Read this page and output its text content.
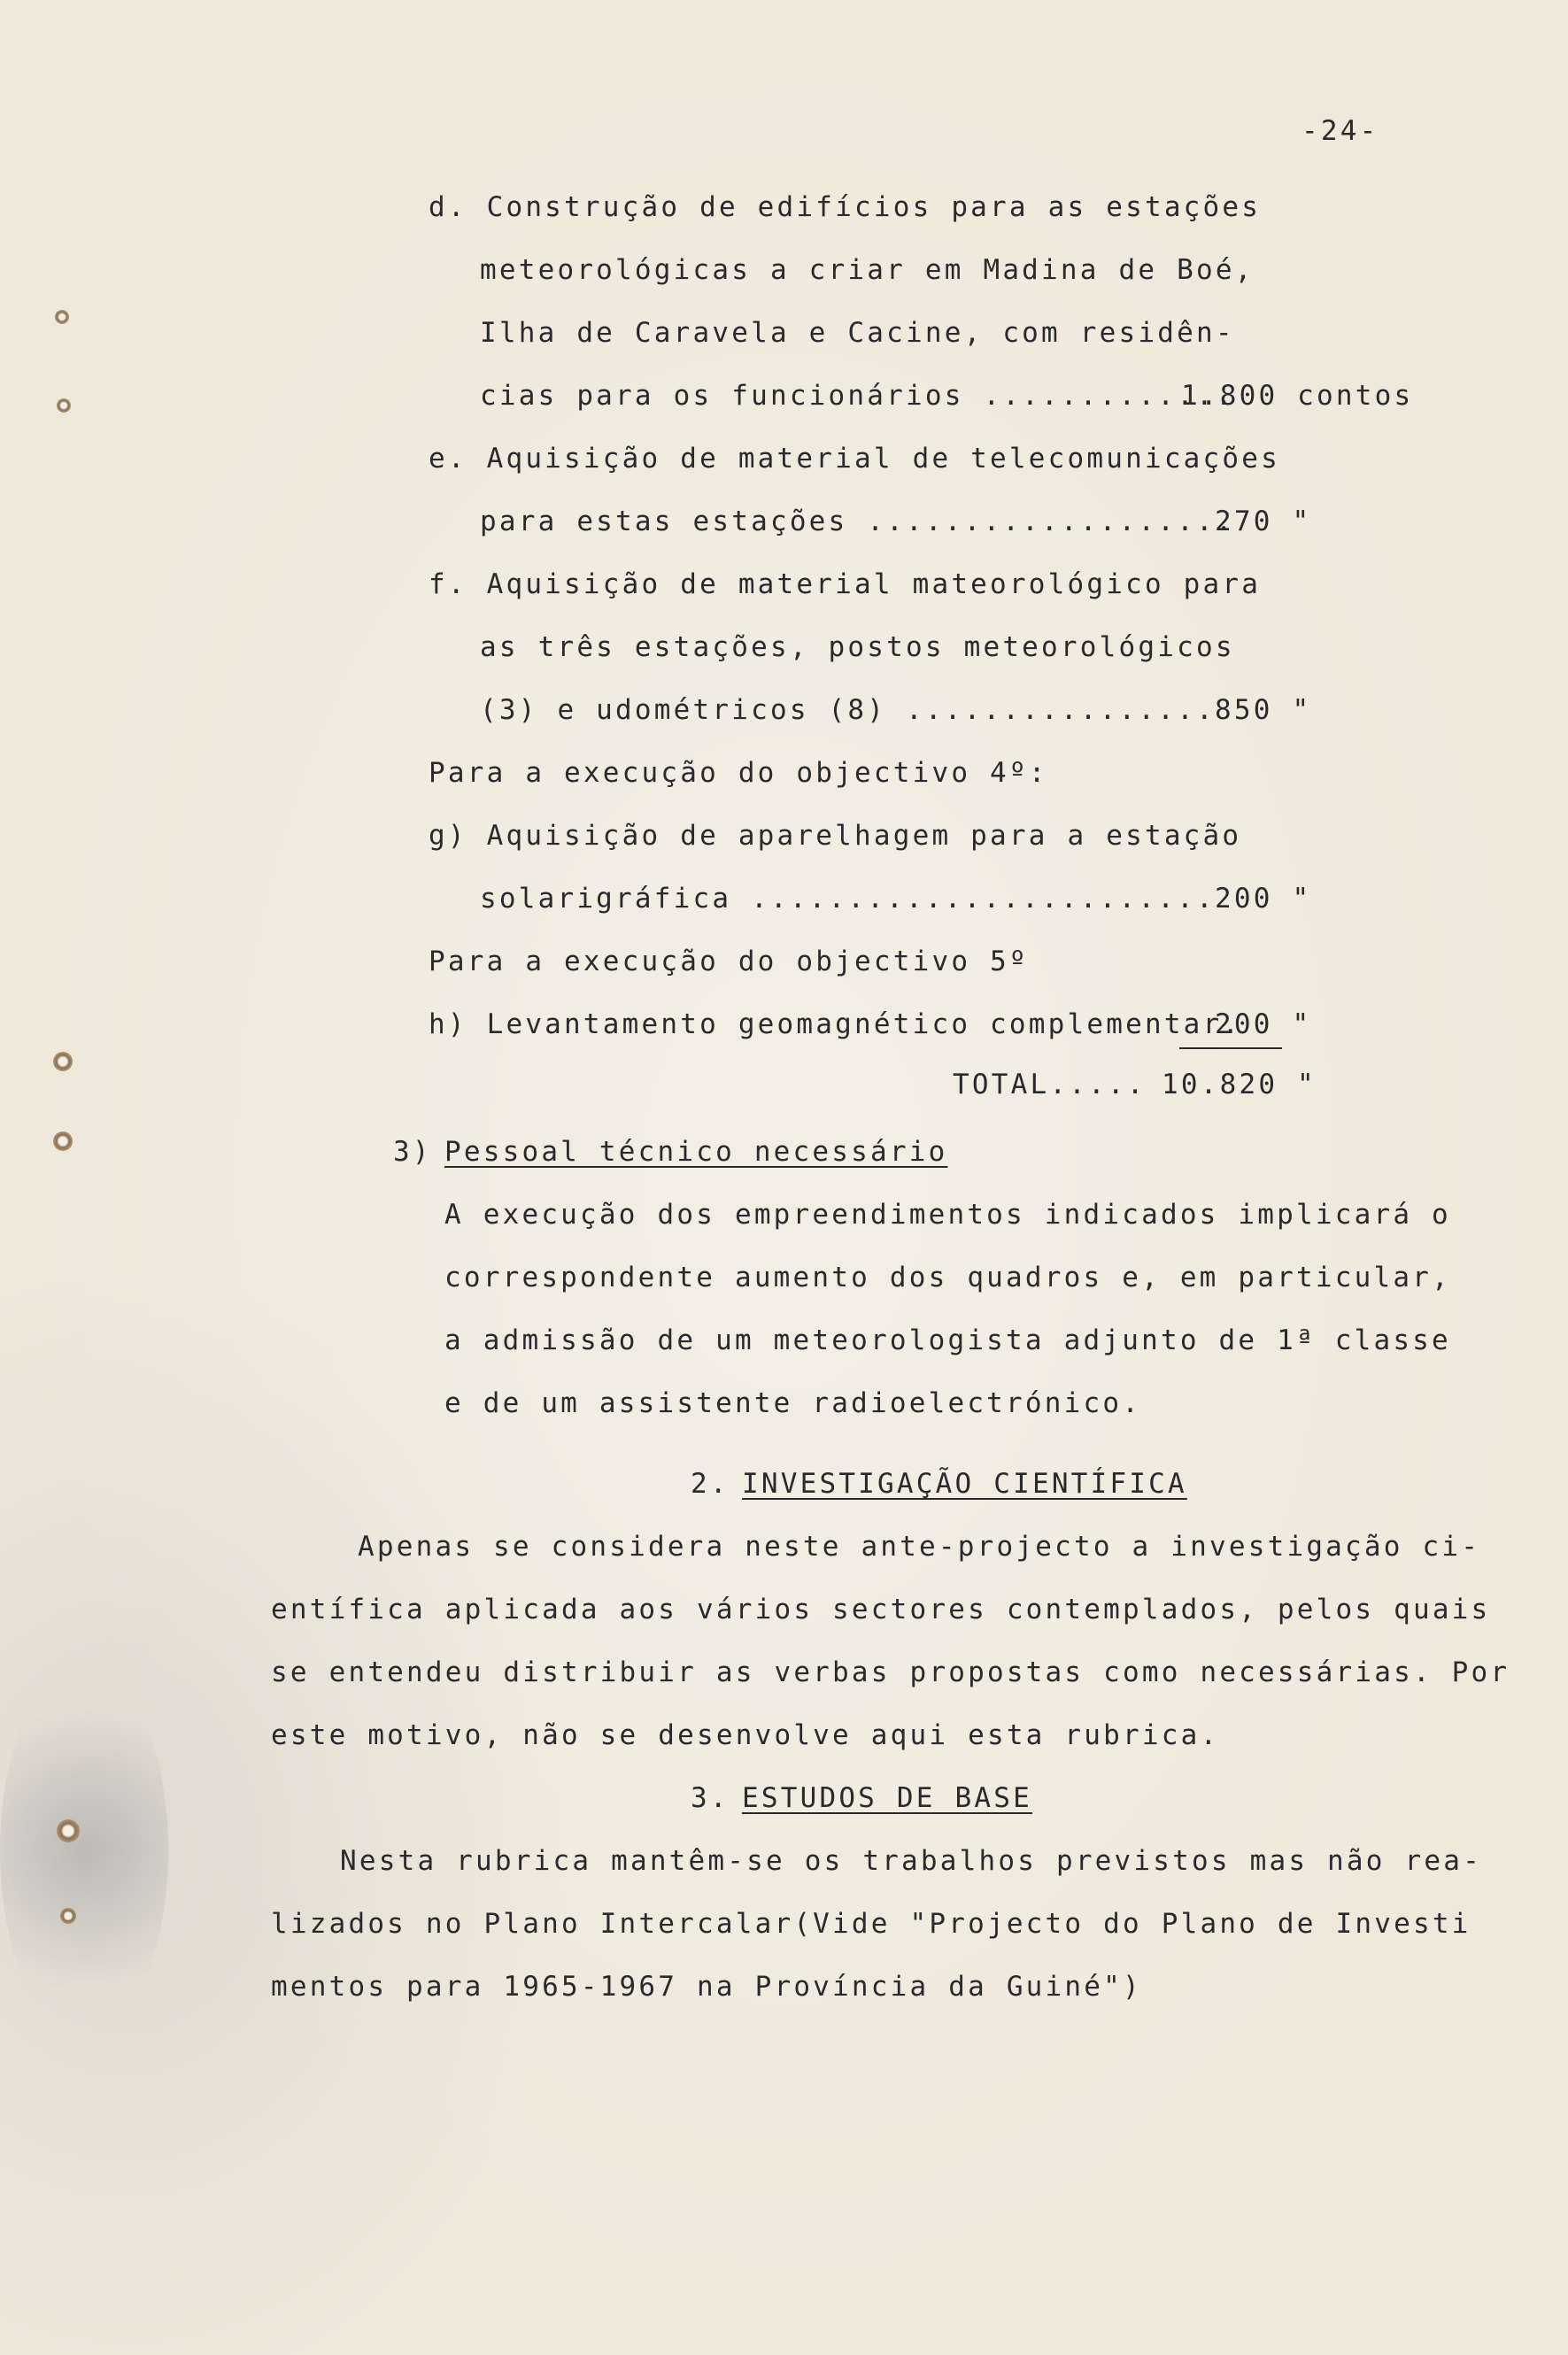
-24-
d. Construção de edifícios para as estações
meteorológicas a criar em Madina de Boé,
Ilha de Caravela e Cacine, com residên-
cias para os funcionários .............
1.800 contos
e. Aquisição de material de telecomunicações
para estas estações ...................
270 "
f. Aquisição de material mateorológico para
as três estações, postos meteorológicos
(3) e udométricos (8) ................ 850 "
Para a execução do objectivo 4º:
g) Aquisição de aparelhagem para a estação
solarigráfica ........................ 200 "
Para a execução do objectivo 5º
h) Levantamento geomagnético complementar.
200 "
TOTAL..... 10.820 "
3) Pessoal técnico necessário
A execução dos empreendimentos indicados implicará o
correspondente aumento dos quadros e, em particular,
a admissão de um meteorologista adjunto de 1ª classe
e de um assistente radioelectrónico.
2. INVESTIGAÇÃO CIENTÍFICA
Apenas se considera neste ante-projecto a investigação ci-
entífica aplicada aos vários sectores contemplados, pelos quais
se entendeu distribuir as verbas propostas como necessárias. Por
este motivo, não se desenvolve aqui esta rubrica.
3. ESTUDOS DE BASE
Nesta rubrica mantêm-se os trabalhos previstos mas não rea-
lizados no Plano Intercalar(Vide "Projecto do Plano de Investi
mentos para 1965-1967 na Província da Guiné")
